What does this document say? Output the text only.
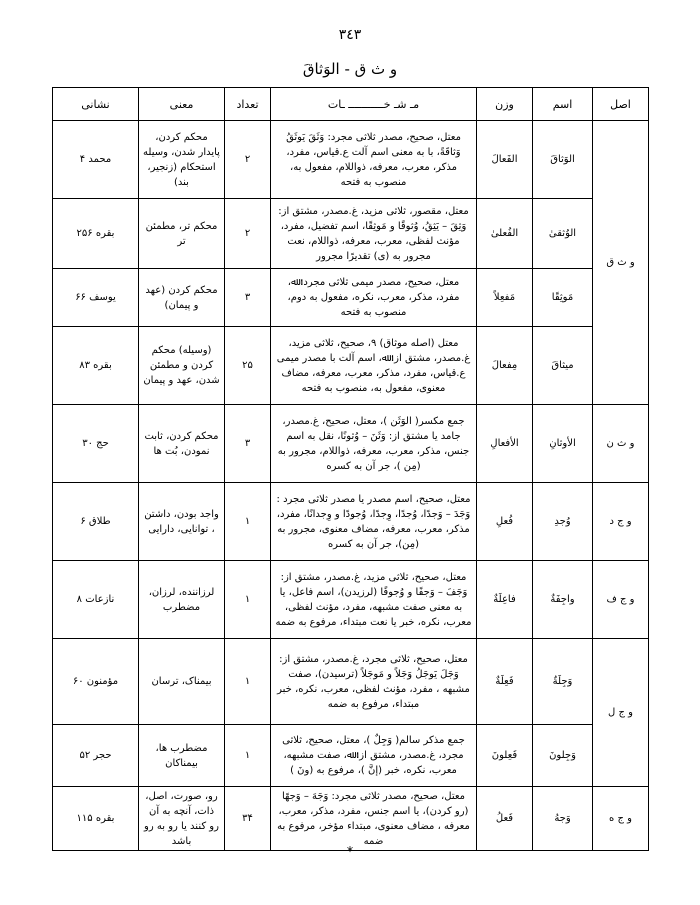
٣٤٣
و ث ق - الوَثاقَ
اصل	اسم	وزن	مـ شـ خـــــــــــ ـات	تعداد	معنی	نشانی
و ث ق	الوَثاقَ	الفَعالَ	معتل، صحیح، مصدر ثلاثی مجرد: وَثَقَ یَوثَقُ وَثاقَةً، با به معنی اسم آلت ع.قیاس، مفرد، مذکر، معرب، معرفه، ذواللام، مفعول به، منصوب به فتحه	۲	محکم کردن، پایدار شدن، وسیله استحکام (زنجیر، بند)	محمد ۴
	الوُثقیٰ	الفُعلیٰ	معتل، مقصور، ثلاثی مزید، غ.مصدر، مشتق از: وَثِقَ – یَثِقُ، وُثوقًا و مَوثِقًا، اسم تفضیل، مفرد، مؤنث لفظی، معرب، معرفه، ذواللام، نعت مجرور به (ی) تقدیرًا مجرور	۲	محکم تر، مطمئن تر	بقره ۲۵۶
	مَوثِقًا	مَفعِلاً	معتل، صحیح، مصدر میمی ثلاثی مجرد: ﷲ، مفرد، مذکر، معرب، نکره، مفعول به دوم، منصوب به فتحه	۳	محکم کردن (عهد و پیمان)	یوسف ۶۶
	میثاقَ	مِفعالَ	معتل (اصله موثاق) ۹، صحیح، ثلاثی مزید، غ.مصدر، مشتق از: ﷲ، اسم آلت با مصدر میمی ع.قیاس، مفرد، مذکر، معرب، معرفه، مضاف معنوی، مفعول به، منصوب به فتحه	۲۵	(وسیله) محکم کردن و مطمئن شدن، عهد و پیمان	بقره ۸۳
و ث ن	الأوثانِ	الأفعالِ	جمع مکسر( الوَثَن )، معتل، صحیح، غ.مصدر، جامد یا مشتق از: وَثَنَ – وُثونًا، نقل به اسم جنس، مذکر، معرب، معرفه، ذواللام، مجرور به (مِن )، جر آن به کسره	۳	محکم کردن، ثابت نمودن، بُت ها	حج ۳۰
و ج د	وُجدِ	فُعلِ	معتل، صحیح، اسم مصدر یا مصدر ثلاثی مجرد : وَجَدَ – وَجدًا، وُجدًا، وِجدًا، وُجودًا و وِجدانًا، مفرد، مذکر، معرب، معرفه، مضاف معنوی، مجرور به (مِن)، جر آن به کسره	۱	واجد بودن، داشتن ، توانایی، دارایی	طلاق ۶
و ج ف	واجِفَةٌ	فاعِلَةٌ	معتل، صحیح، ثلاثی مزید، غ.مصدر، مشتق از: وَجَفَ – وَجفًا و وُجوفًا (لرزیدن)، اسم فاعل، یا به معنی صفت مشبهه، مفرد، مؤنث لفظی، معرب، نکره، خبر یا نعت مبتداء، مرفوع به ضمه	۱	لرزاننده، لرزان، مضطرب	نازعات ۸
و ج ل	وَجِلَةٌ	فَعِلَةٌ	معتل، صحیح، ثلاثی مجرد، غ.مصدر، مشتق از: وَجَلَ یَوجَلُ وَجَلاً و مَوجَلاً (ترسیدن)، صفت مشبهه ، مفرد، مؤنث لفظی، معرب، نکره، خبر مبتداء، مرفوع به ضمه	۱	بیمناک، ترسان	مؤمنون ۶۰
	وَجِلونَ	فَعِلونَ	جمع مذکر سالم( وَجِلٌ )، معتل، صحیح، ثلاثی مجرد، غ.مصدر، مشتق از: ﷲ، صفت مشبهه، معرب، نکره، خبر (إنَّ )، مرفوع به (ونَ )	۱	مضطرب ها، بیمناکان	حجر ۵۲
و ج ه	وَجهُ	فَعلُ	معتل، صحیح، مصدر ثلاثی مجرد: وَجَهَ – وَجهًا (رو کردن)، یا اسم جنس، مفرد، مذکر، معرب، معرفه ، مضاف معنوی، مبتداء مؤخر، مرفوع به ضمه	۳۴	رو، صورت، اصل، ذات، آنچه به آن رو کنند یا رو به رو باشد	بقره ۱۱۵
*
